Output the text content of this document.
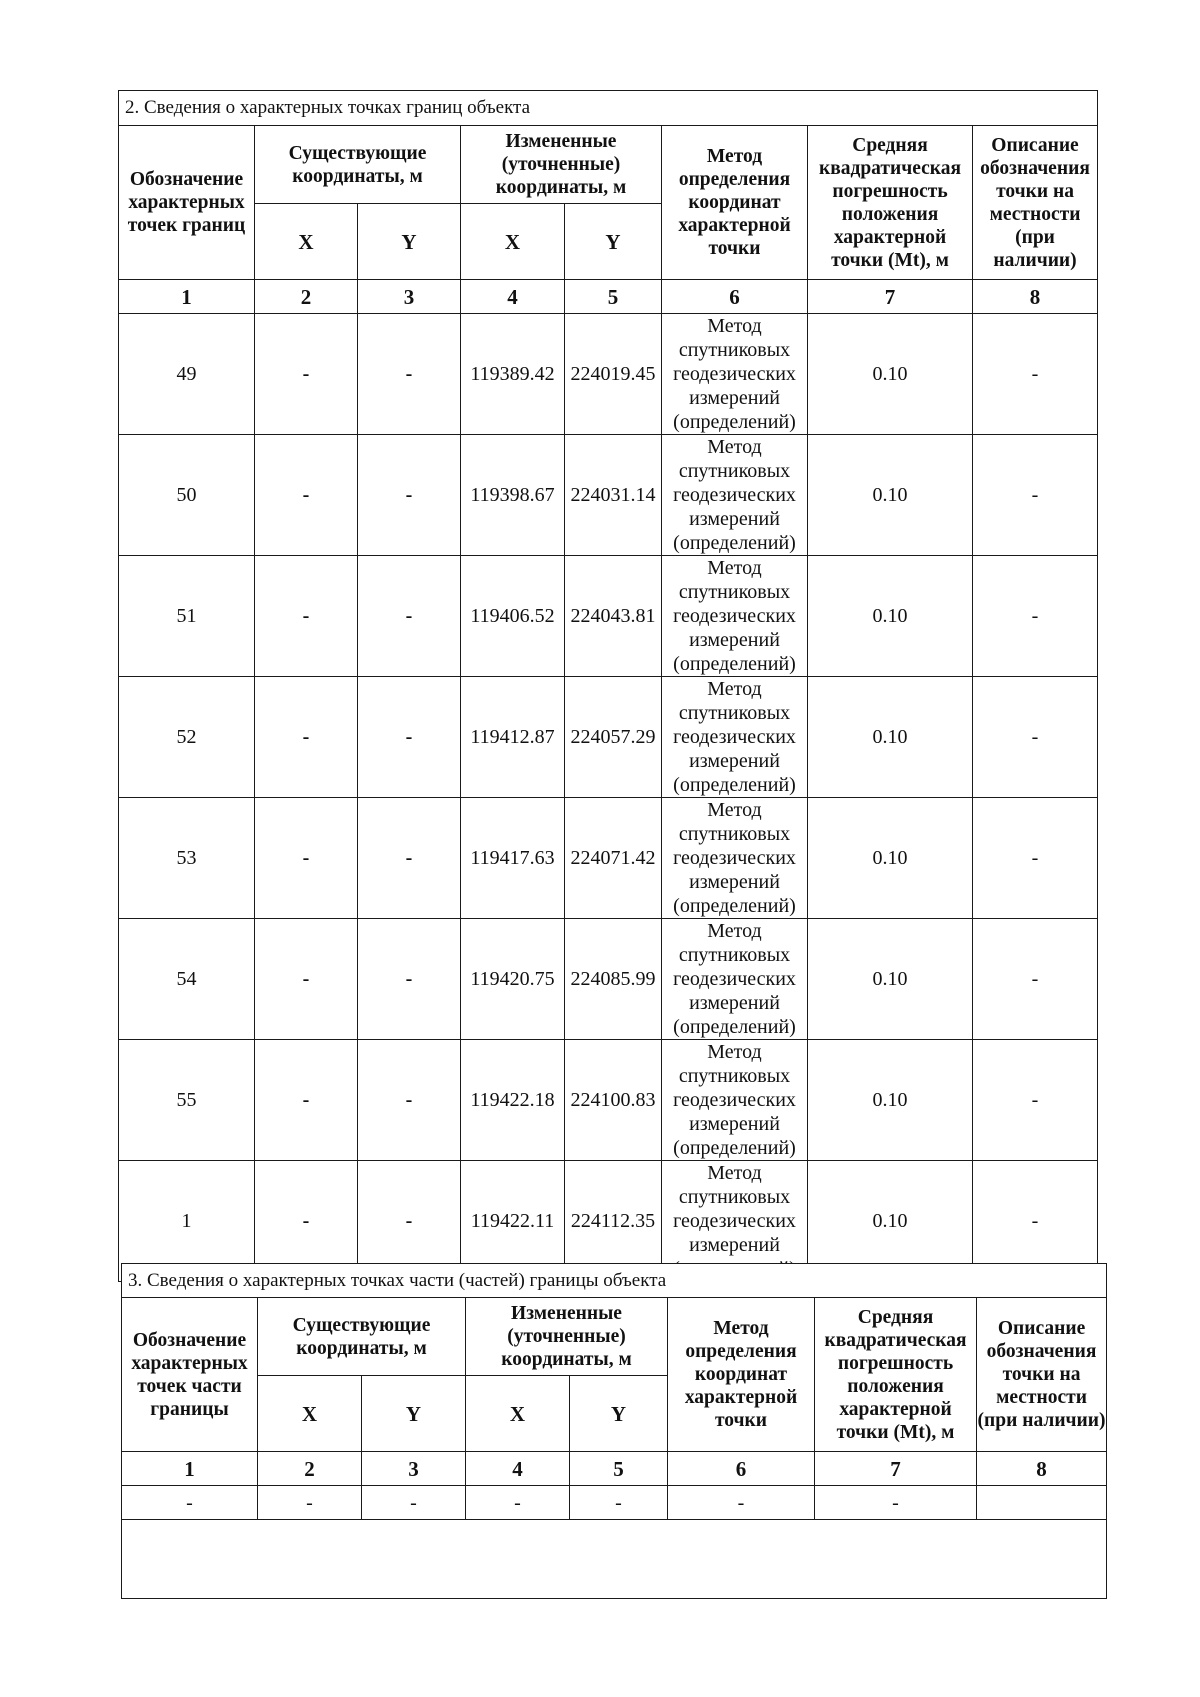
2. Сведения о характерных точках границ объекта							
Обозначение характерных точек границ	Существующие координаты, м		Измененные (уточненные) координаты, м		Метод определения координат характерной точки	Средняя квадратическая погрешность положения характерной точки (Mt), м	Описание обозначения точки на местности (при наличии)
	X	Y	X	Y			
1	2	3	4	5	6	7	8
49	-	-	119389.42	224019.45	Метод
спутниковых
геодезических
измерений
(определений)	0.10	-
50	-	-	119398.67	224031.14	Метод
спутниковых
геодезических
измерений
(определений)	0.10	-
51	-	-	119406.52	224043.81	Метод
спутниковых
геодезических
измерений
(определений)	0.10	-
52	-	-	119412.87	224057.29	Метод
спутниковых
геодезических
измерений
(определений)	0.10	-
53	-	-	119417.63	224071.42	Метод
спутниковых
геодезических
измерений
(определений)	0.10	-
54	-	-	119420.75	224085.99	Метод
спутниковых
геодезических
измерений
(определений)	0.10	-
55	-	-	119422.18	224100.83	Метод
спутниковых
геодезических
измерений
(определений)	0.10	-
1	-	-	119422.11	224112.35	Метод
спутниковых
геодезических
измерений	0.10	-
3. Сведения о характерных точках части (частей) границы объекта							
Обозначение характерных точек части границы	Существующие координаты, м		Измененные (уточненные) координаты, м		Метод определения координат характерной точки	Средняя квадратическая погрешность положения характерной точки (Mt), м	Описание обозначения точки на местности (при наличии)
	X	Y	X	Y			
1	2	3	4	5	6	7	8
-	-	-	-	-	-	-	
